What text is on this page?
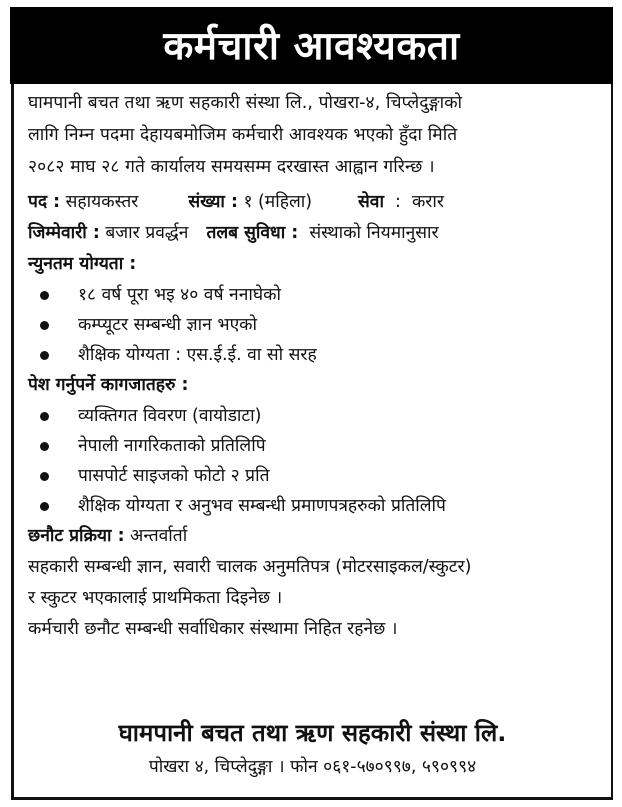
कर्मचारी आवश्यकता
घामपानी बचत तथा ऋण सहकारी संस्था लि., पोखरा-४, चिप्लेदुङ्गाको
लागि निम्न पदमा देहायबमोजिम कर्मचारी आवश्यक भएको हुँदा मिति
२०८२ माघ २८ गते कार्यालय समयसम्म दरखास्त आह्वान गरिन्छ ।
पद : सहायकस्तर	संख्या : १ (महिला)	सेवा  :  करार
जिम्मेवारी : बजार प्रवर्द्धन तलब सुविधा :  संस्थाको नियमानुसार
न्युनतम योग्यता :
१८ वर्ष पूरा भइ ४० वर्ष ननाघेको
कम्प्यूटर सम्बन्धी ज्ञान भएको
शैक्षिक योग्यता : एस.ई.ई. वा सो सरह
पेश गर्नुपर्ने कागजातहरु :
व्यक्तिगत विवरण (वायोडाटा)
नेपाली नागरिकताको प्रतिलिपि
पासपोर्ट साइजको फोटो २ प्रति
शैक्षिक योग्यता र अनुभव सम्बन्धी प्रमाणपत्रहरुको प्रतिलिपि
छनौट प्रक्रिया : अन्तर्वार्ता
सहकारी सम्बन्धी ज्ञान, सवारी चालक अनुमतिपत्र (मोटरसाइकल/स्कुटर)
र स्कुटर भएकालाई प्राथमिकता दिइनेछ ।
कर्मचारी छनौट सम्बन्धी सर्वाधिकार संस्थामा निहित रहनेछ ।
घामपानी बचत तथा ऋण सहकारी संस्था लि.
पोखरा ४, चिप्लेदुङ्गा । फोन ०६१-५७०९९७, ५९०९९४
